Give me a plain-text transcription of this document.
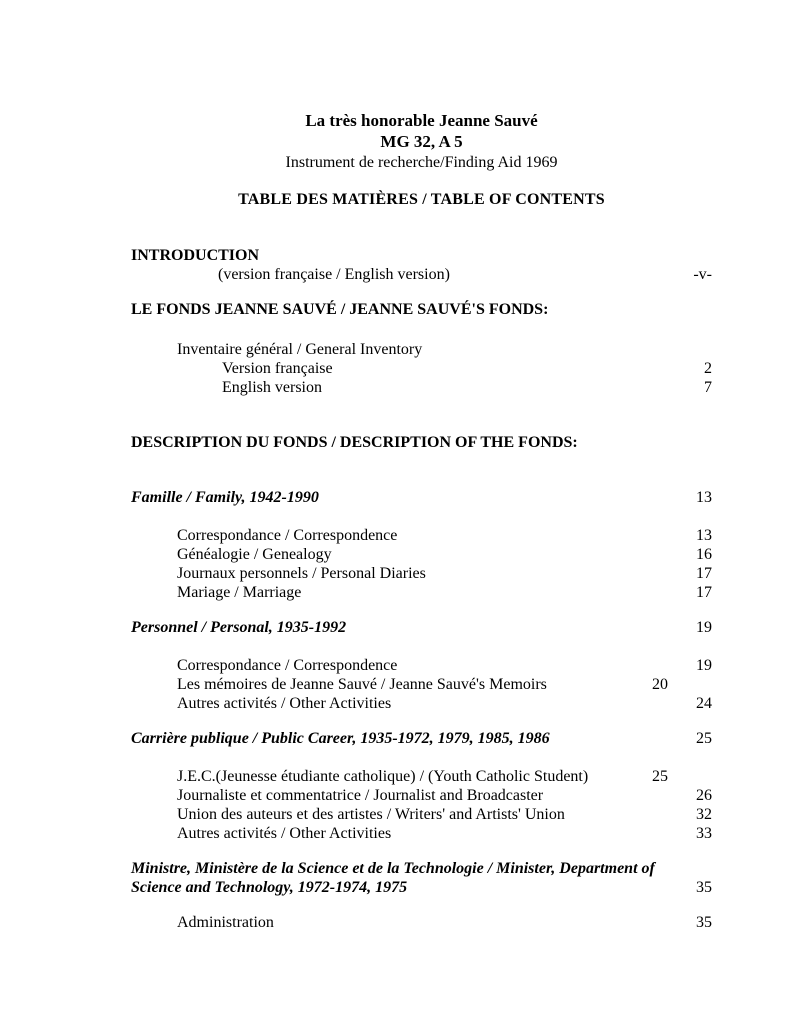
La très honorable Jeanne Sauvé
MG 32, A 5
Instrument de recherche/Finding Aid 1969
TABLE DES MATIÈRES / TABLE OF CONTENTS
INTRODUCTION
(version française / English version)	-v-
LE FONDS JEANNE SAUVÉ / JEANNE SAUVÉ'S FONDS:
Inventaire général / General Inventory
Version française	2
English version	7
DESCRIPTION DU FONDS / DESCRIPTION OF THE FONDS:
Famille / Family, 1942-1990	13
Correspondance / Correspondence	13
Généalogie / Genealogy	16
Journaux personnels / Personal Diaries	17
Mariage / Marriage	17
Personnel / Personal, 1935-1992	19
Correspondance / Correspondence	19
Les mémoires de Jeanne Sauvé / Jeanne Sauvé's Memoirs	20
Autres activités / Other Activities	24
Carrière publique / Public Career, 1935-1972, 1979, 1985, 1986	25
J.E.C.(Jeunesse étudiante catholique) / (Youth Catholic Student)	25
Journaliste et commentatrice / Journalist and Broadcaster	26
Union des auteurs et des artistes / Writers' and Artists' Union	32
Autres activités / Other Activities	33
Ministre, Ministère de la Science et de la Technologie / Minister, Department of Science and Technology, 1972-1974, 1975	35
Administration	35
